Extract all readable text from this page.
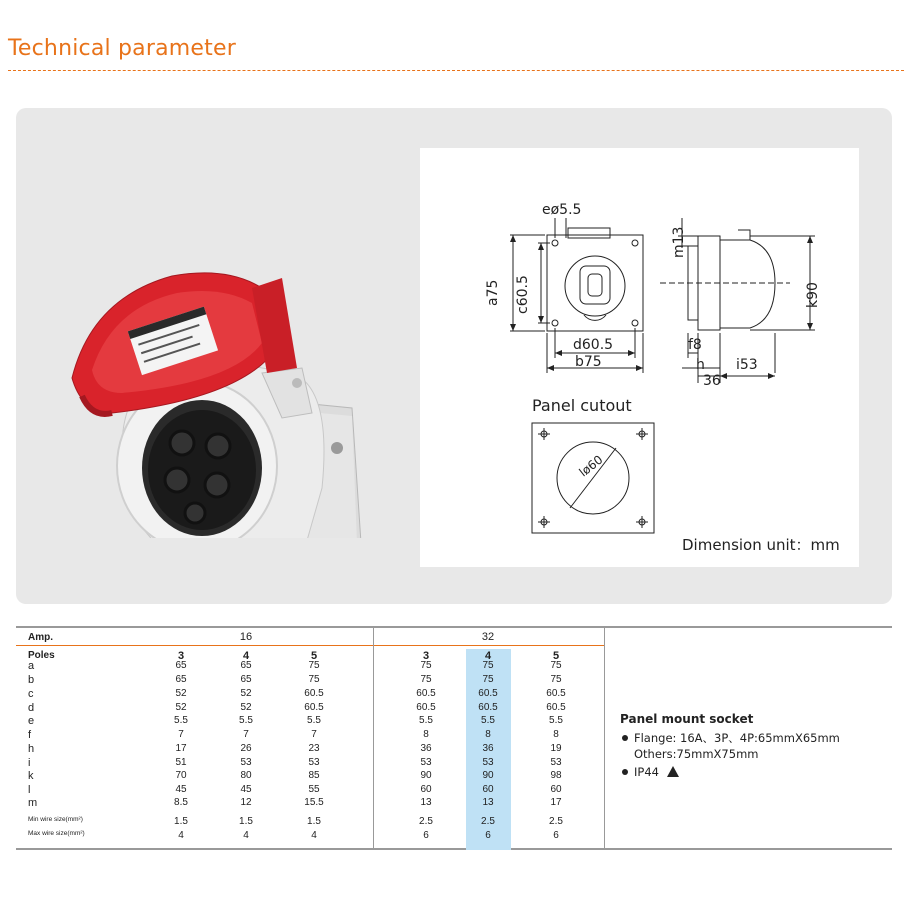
Technical parameter
eø5.5
a75 c60.5
d60.5
b75
m13
k90
f8
h i53
36
Panel cutout
lø60
Dimension unit：mm
Amp.	16	32
Poles	3	4	5	3	4	5
a	65	65	75	75	75	75
b	65	65	75	75	75	75
c	52	52	60.5	60.5	60.5	60.5
d	52	52	60.5	60.5	60.5	60.5
e	5.5	5.5	5.5	5.5	5.5	5.5
f	7	7	7	8	8	8
h	17	26	23	36	36	19
i	51	53	53	53	53	53
k	70	80	85	90	90	98
l	45	45	55	60	60	60
m	8.5	12	15.5	13	13	17
Min wire size(mm²)	1.5	1.5	1.5	2.5	2.5	2.5
Max wire size(mm²)	4	4	4	6	6	6
Panel mount socket
Flange: 16A、3P、4P:65mmX65mm
Others:75mmX75mm
IP44
